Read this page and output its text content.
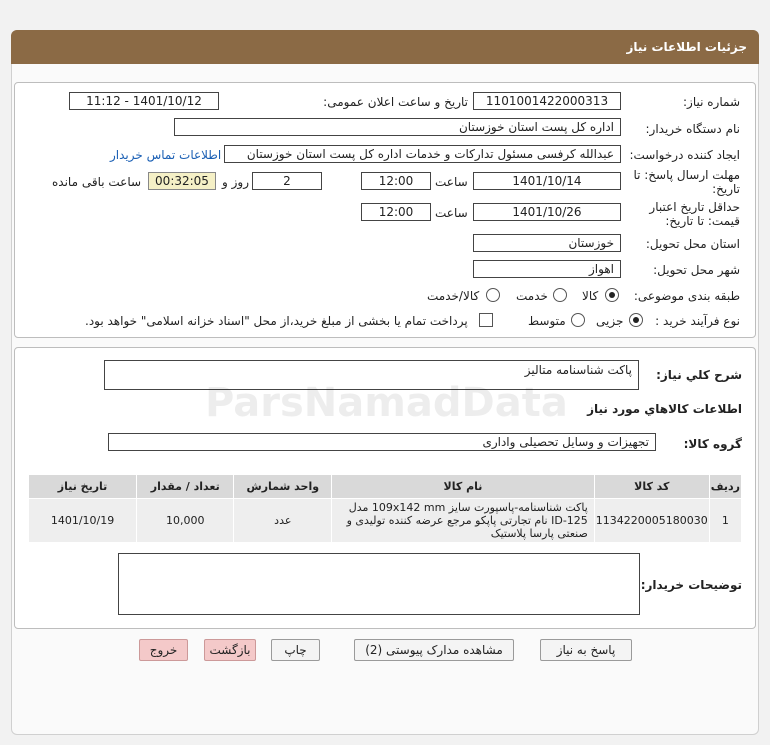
جزئیات اطلاعات نیاز
شماره نیاز:
1101001422000313
تاریخ و ساعت اعلان عمومی:
1401/10/12 - 11:12
نام دستگاه خریدار:
اداره کل پست استان خوزستان
ایجاد کننده درخواست:
عبدالله کرفسی مسئول تدارکات و خدمات اداره کل پست استان خوزستان
اطلاعات تماس خریدار
مهلت ارسال پاسخ: تا
تاریخ:
1401/10/14
ساعت
12:00
2
روز و
00:32:05
ساعت باقی مانده
حداقل تاریخ اعتبار
قیمت: تا تاریخ:
1401/10/26
ساعت
12:00
استان محل تحویل:
خوزستان
شهر محل تحویل:
اهواز
طبقه بندی موضوعی:
کالا
خدمت
کالا/خدمت
نوع فرآیند خرید :
جزیی
متوسط
پرداخت تمام یا بخشی از مبلغ خرید،از محل "اسناد خزانه اسلامی" خواهد بود.
شرح کلي نياز:
پاکت شناسنامه متالیز
اطلاعات کالاهاي مورد نياز
گروه کالا:
تجهیزات و وسایل تحصیلی واداری
ردیف	کد کالا	نام کالا	واحد شمارش	تعداد / مقدار	تاریخ نیاز
1	1134220005180030	پاکت شناسنامه-پاسپورت سایز 109x142 mm مدل ID-125 نام تجارتی پاپکو مرجع عرضه کننده تولیدی و صنعتی پارسا پلاستیک	عدد	10,000	1401/10/19
توضیحات خریدار:
پاسخ به نیاز
مشاهده مدارک پیوستی (2)
چاپ
بازگشت
خروج
